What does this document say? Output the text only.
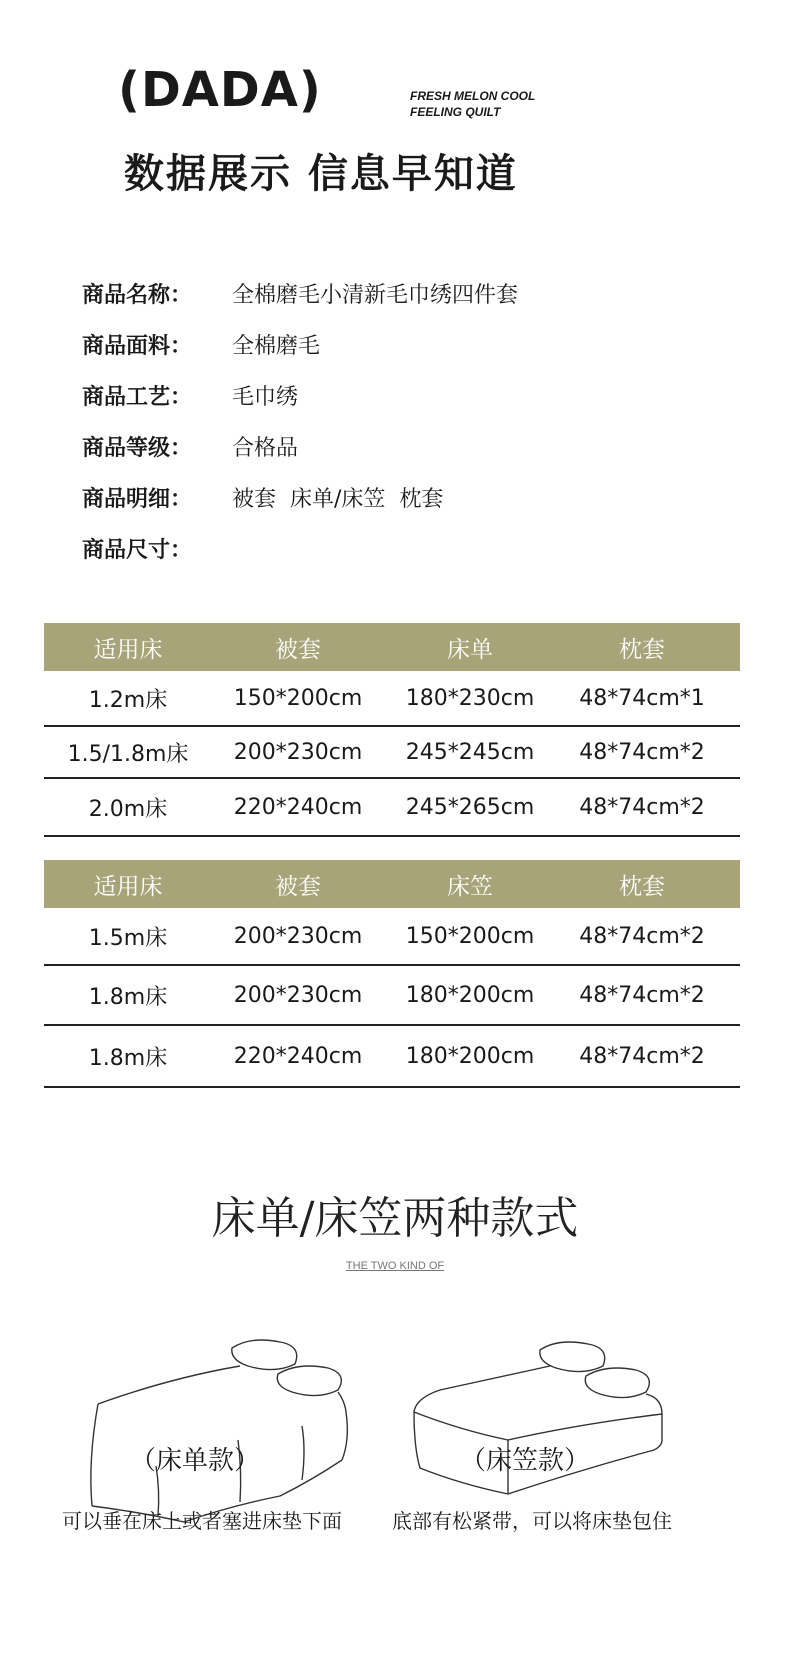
(DADA)	FRESH MELON COOL
FEELING QUILT
数据展示 信息早知道
商品名称：	全棉磨毛小清新毛巾绣四件套
商品面料：	全棉磨毛
商品工艺：	毛巾绣
商品等级：	合格品
商品明细：	被套  床单/床笠  枕套
商品尺寸：
适用床	被套	床单	枕套
1.2m床	150*200cm	180*230cm	48*74cm*1
1.5/1.8m床	200*230cm	245*245cm	48*74cm*2
2.0m床	220*240cm	245*265cm	48*74cm*2
适用床	被套	床笠	枕套
1.5m床	200*230cm	150*200cm	48*74cm*2
1.8m床	200*230cm	180*200cm	48*74cm*2
1.8m床	220*240cm	180*200cm	48*74cm*2
床单/床笠两种款式
THE TWO KIND OF
（床单款）	（床笠款）
可以垂在床上或者塞进床垫下面	底部有松紧带，可以将床垫包住
